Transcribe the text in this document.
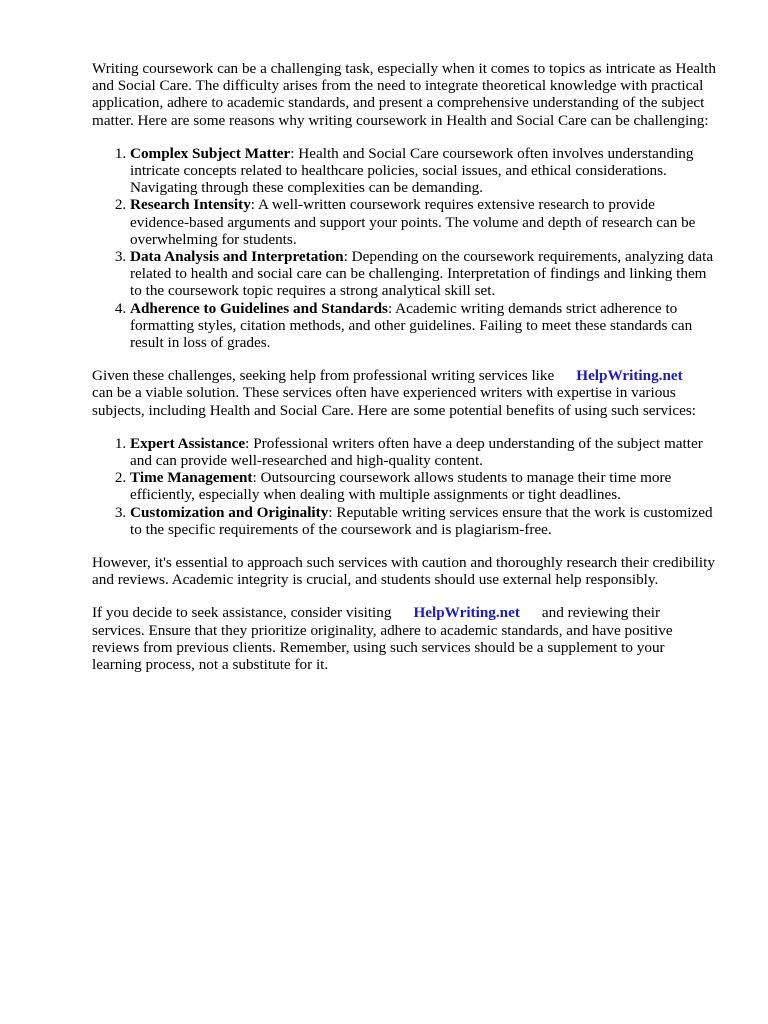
Writing coursework can be a challenging task, especially when it comes to topics as intricate as Health and Social Care. The difficulty arises from the need to integrate theoretical knowledge with practical application, adhere to academic standards, and present a comprehensive understanding of the subject matter. Here are some reasons why writing coursework in Health and Social Care can be challenging:

1. Complex Subject Matter: Health and Social Care coursework often involves understanding intricate concepts related to healthcare policies, social issues, and ethical considerations. Navigating through these complexities can be demanding.
2. Research Intensity: A well-written coursework requires extensive research to provide evidence-based arguments and support your points. The volume and depth of research can be overwhelming for students.
3. Data Analysis and Interpretation: Depending on the coursework requirements, analyzing data related to health and social care can be challenging. Interpretation of findings and linking them to the coursework topic requires a strong analytical skill set.
4. Adherence to Guidelines and Standards: Academic writing demands strict adherence to formatting styles, citation methods, and other guidelines. Failing to meet these standards can result in loss of grades.

Given these challenges, seeking help from professional writing services like HelpWriting.net
can be a viable solution. These services often have experienced writers with expertise in various subjects, including Health and Social Care. Here are some potential benefits of using such services:

1. Expert Assistance: Professional writers often have a deep understanding of the subject matter and can provide well-researched and high-quality content.
2. Time Management: Outsourcing coursework allows students to manage their time more efficiently, especially when dealing with multiple assignments or tight deadlines.
3. Customization and Originality: Reputable writing services ensure that the work is customized to the specific requirements of the coursework and is plagiarism-free.

However, it's essential to approach such services with caution and thoroughly research their credibility and reviews. Academic integrity is crucial, and students should use external help responsibly.

If you decide to seek assistance, consider visiting HelpWriting.net and reviewing their services. Ensure that they prioritize originality, adhere to academic standards, and have positive reviews from previous clients. Remember, using such services should be a supplement to your learning process, not a substitute for it.
